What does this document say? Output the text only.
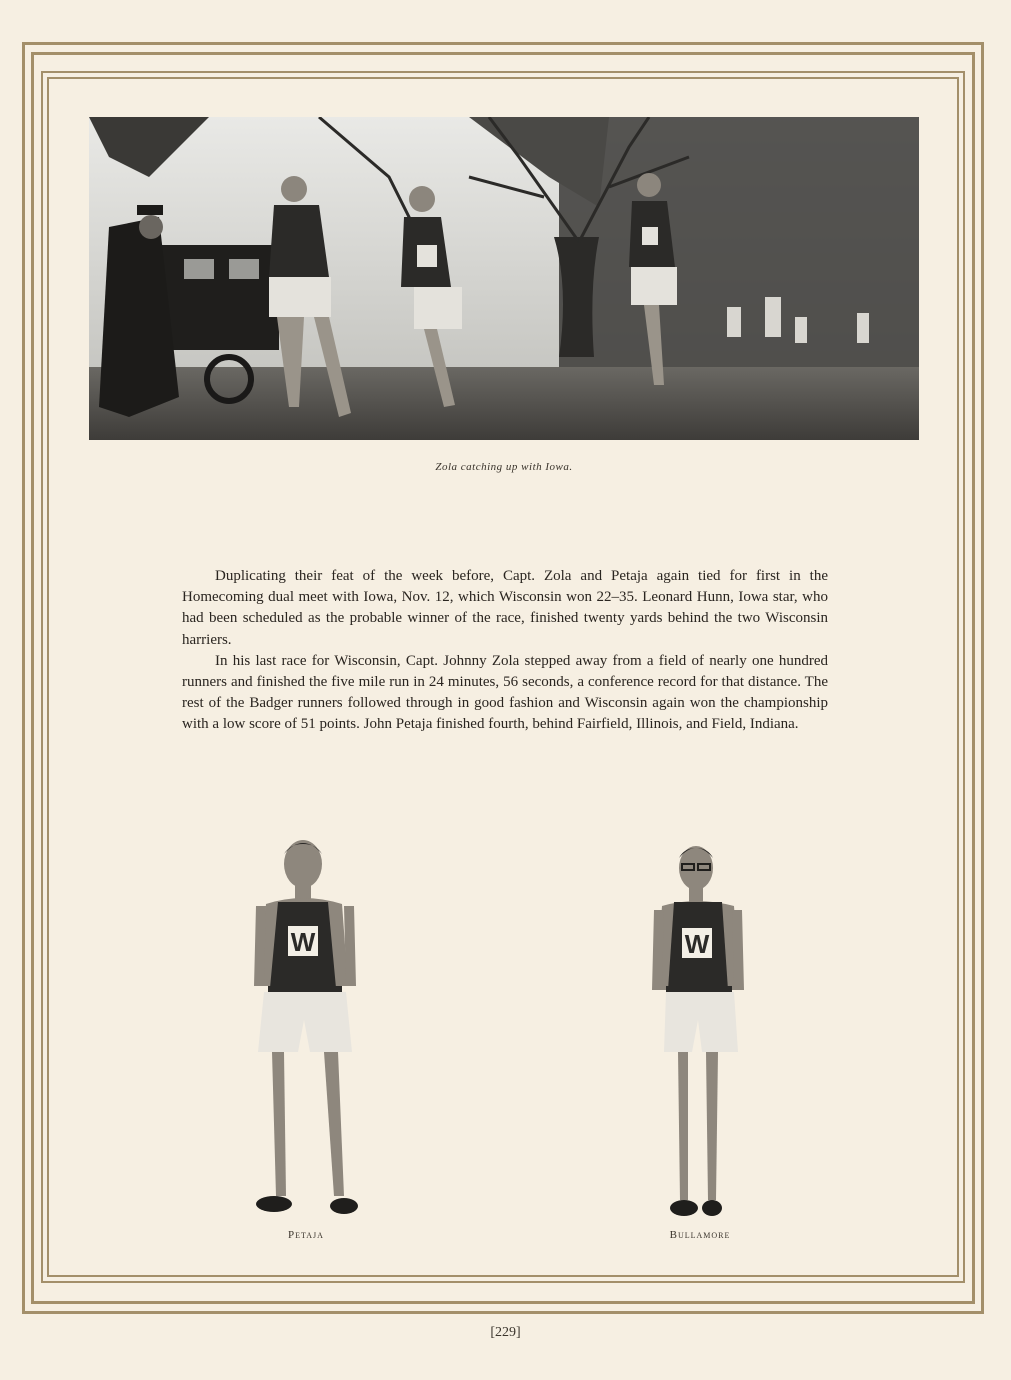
Zola catching up with Iowa.

Duplicating their feat of the week before, Capt. Zola and Petaja again tied for first in the Homecoming dual meet with Iowa, Nov. 12, which Wisconsin won 22–35. Leonard Hunn, Iowa star, who had been scheduled as the probable winner of the race, finished twenty yards behind the two Wisconsin harriers.

In his last race for Wisconsin, Capt. Johnny Zola stepped away from a field of nearly one hundred runners and finished the five mile run in 24 minutes, 56 seconds, a conference record for that distance. The rest of the Badger runners followed through in good fashion and Wisconsin again won the championship with a low score of 51 points. John Petaja finished fourth, behind Fairfield, Illinois, and Field, Indiana.

W	W
Petaja	Bullamore
[229]
